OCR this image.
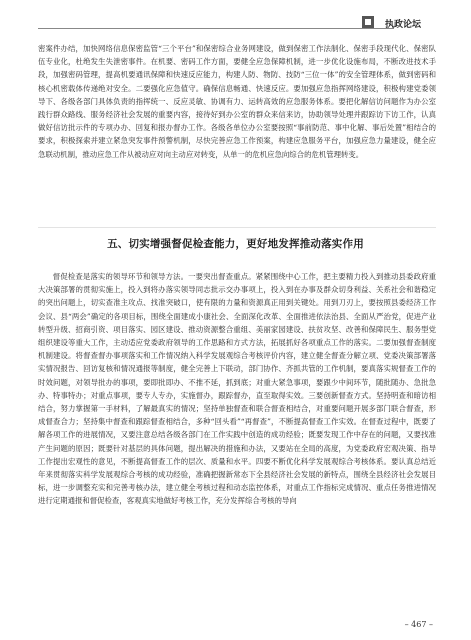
执政论坛

密案件办结，加快网络信息保密监管“三个平台”和保密综合业务网建设，做到保密工作法制化、保密手段现代化、保密队伍专业化，杜绝发生失泄密事件。在机要、密码工作方面，要健全应急保障机制，进一步优化设施布局，不断改进技术手段，加强密码管理，提高机要通讯保障和快速反应能力，构建人防、物防、技防“三位一体”的安全管理体系，做到密码和核心机密载体传递绝对安全。二要强化应急值守。确保信息畅通、快速反应。要加强应急指挥网络建设，积极构建党委领导下、各级各部门具体负责的指挥统一、反应灵敏、协调有力、运转高效的应急服务体系。要把化解信访问题作为办公室践行群众路线、服务经济社会发展的重要内容，接待好到办公室的群众来信来访，协助领导处理并跟踪访下访工作，认真做好信访批示件的专项办办、回复和报办督办工作。各级各单位办公室要按照“事前防范、事中化解、事后处置”相结合的要求，积极探索并建立紧急突发事件预警机制，尽快完善应急工作预案，构建应急服务平台，加强应急力量建设，健全应急联动机制，推动应急工作从被动应对向主动应对转变，从单一的危机应急向综合的危机管理转变。

五、切实增强督促检查能力，更好地发挥推动落实作用

督促检查是落实的领导环节和领导方法。一要突出督查重点。紧紧围绕中心工作，把主要精力投入到推动县委政府重大决策部署的贯彻实施上，投入到将办落实领导同志批示交办事项上，投入到在办事及群众切身利益、关系社会和谐稳定的突出问题上，切实查准主攻点、找准突破口，使有限的力量和资源真正用到关键处。用到刀刃上，要按照县委经济工作会议、县“两会”确定的各项目标，围绕全面建成小康社会、全面深化改革、全面推进依法治县、全面从严治党，促进产业转型升级、招商引资、项目落实、园区建设、推动资源整合重组、美丽家园建设、扶贫攻坚、改善和保障民生、服务型党组织建设等重大工作，主动适应党委政府领导的工作思路和方式方法，拓展抓好各项重点工作的落实。二要加强督查制度机制建设。将督查督办事项落实和工作情况纳入科学发展观综合考核评价内容，建立健全督查分解立项、党委决策部署落实情况报告、回访复核和情况通报等制度，健全完善上下联动，部门协作、齐抓共管的工作机制，要真落实规督查工作的时效问题，对领导批办的事项，要即批即办、不推不延，抓到底；对重大紧急事项，要跟少中间环节，随批随办、急批急办、特事特办；对重点事项，要专人专办，实施督办，跟踪督办，直至取得实效。三要创新督查方式。坚持明查和暗访相结合，努力掌握第一手材料，了解最真实的情况；坚持单独督查和联合督查相结合，对重要问题开展多部门联合督查，形成督查合力；坚持集中督查和跟踪督查相结合，多种“回头看”“再督查”，不断提高督查工作实效。在督查过程中，既要了解各项工作的进展情况，又要注意总结各级各部门在工作实践中创造的成功经验；既要发现工作中存在的问题，又要找准产生问题的原因；既要针对基层的具体问题，提出解决的措施和办法，又要站在全局的高度，为党委政府宏观决策、指导工作提出宏观性的意见，不断提高督查工作的层次、质量和水平。四要不断优化科学发展观综合考核体系。要认真总结近年来贯彻落实科学发展观综合考核的成功经验，准确把握新常态下全县经济社会发展的新特点，围绕全县经济社会发展目标，进一步调整充实和完善考核办法，建立健全考核过程和动态监控体系，对重点工作指标完成情况、重点任务推进情况进行定期通报和督促检查，客观真实地做好考核工作，充分发挥综合考核的导向

– 467 –
